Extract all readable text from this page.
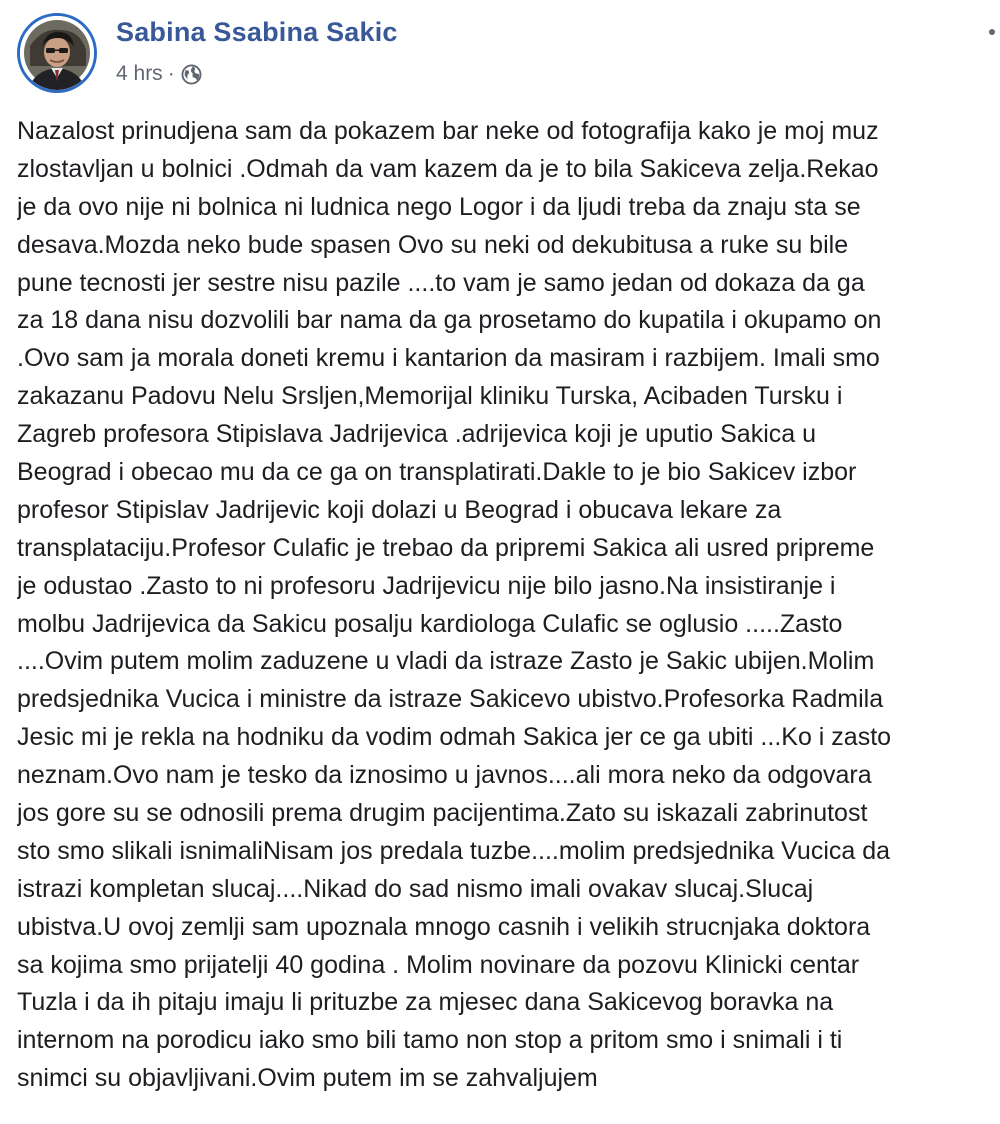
Sabina Ssabina Sakic
4 hrs ·
Nazalost prinudjena sam da pokazem bar neke od fotografija kako je moj muz
zlostavljan u bolnici .Odmah da vam kazem da je to bila Sakiceva zelja.Rekao
je da ovo nije ni bolnica ni ludnica nego Logor i da ljudi treba da znaju sta se
desava.Mozda neko bude spasen Ovo su neki od dekubitusa a ruke su bile
pune tecnosti jer sestre nisu pazile ....to vam je samo jedan od dokaza da ga
za 18 dana nisu dozvolili bar nama da ga prosetamo do kupatila i okupamo on
.Ovo sam ja morala doneti kremu i kantarion da masiram i razbijem. Imali smo
zakazanu Padovu Nelu Srsljen,Memorijal kliniku Turska, Acibaden Tursku i
Zagreb profesora Stipislava Jadrijevica .adrijevica koji je uputio Sakica u
Beograd i obecao mu da ce ga on transplatirati.Dakle to je bio Sakicev izbor
profesor Stipislav Jadrijevic koji dolazi u Beograd i obucava lekare za
transplataciju.Profesor Culafic je trebao da pripremi Sakica ali usred pripreme
je odustao .Zasto to ni profesoru Jadrijevicu nije bilo jasno.Na insistiranje i
molbu Jadrijevica da Sakicu posalju kardiologa Culafic se oglusio .....Zasto
....Ovim putem molim zaduzene u vladi da istraze Zasto je Sakic ubijen.Molim
predsjednika Vucica i ministre da istraze Sakicevo ubistvo.Profesorka Radmila
Jesic mi je rekla na hodniku da vodim odmah Sakica jer ce ga ubiti ...Ko i zasto
neznam.Ovo nam je tesko da iznosimo u javnos....ali mora neko da odgovara
jos gore su se odnosili prema drugim pacijentima.Zato su iskazali zabrinutost
sto smo slikali isnimaliNisam jos predala tuzbe....molim predsjednika Vucica da
istrazi kompletan slucaj....Nikad do sad nismo imali ovakav slucaj.Slucaj
ubistva.U ovoj zemlji sam upoznala mnogo casnih i velikih strucnjaka doktora
sa kojima smo prijatelji 40 godina . Molim novinare da pozovu Klinicki centar
Tuzla i da ih pitaju imaju li prituzbe za mjesec dana Sakicevog boravka na
internom na porodicu iako smo bili tamo non stop a pritom smo i snimali i ti
snimci su objavljivani.Ovim putem im se zahvaljujem
